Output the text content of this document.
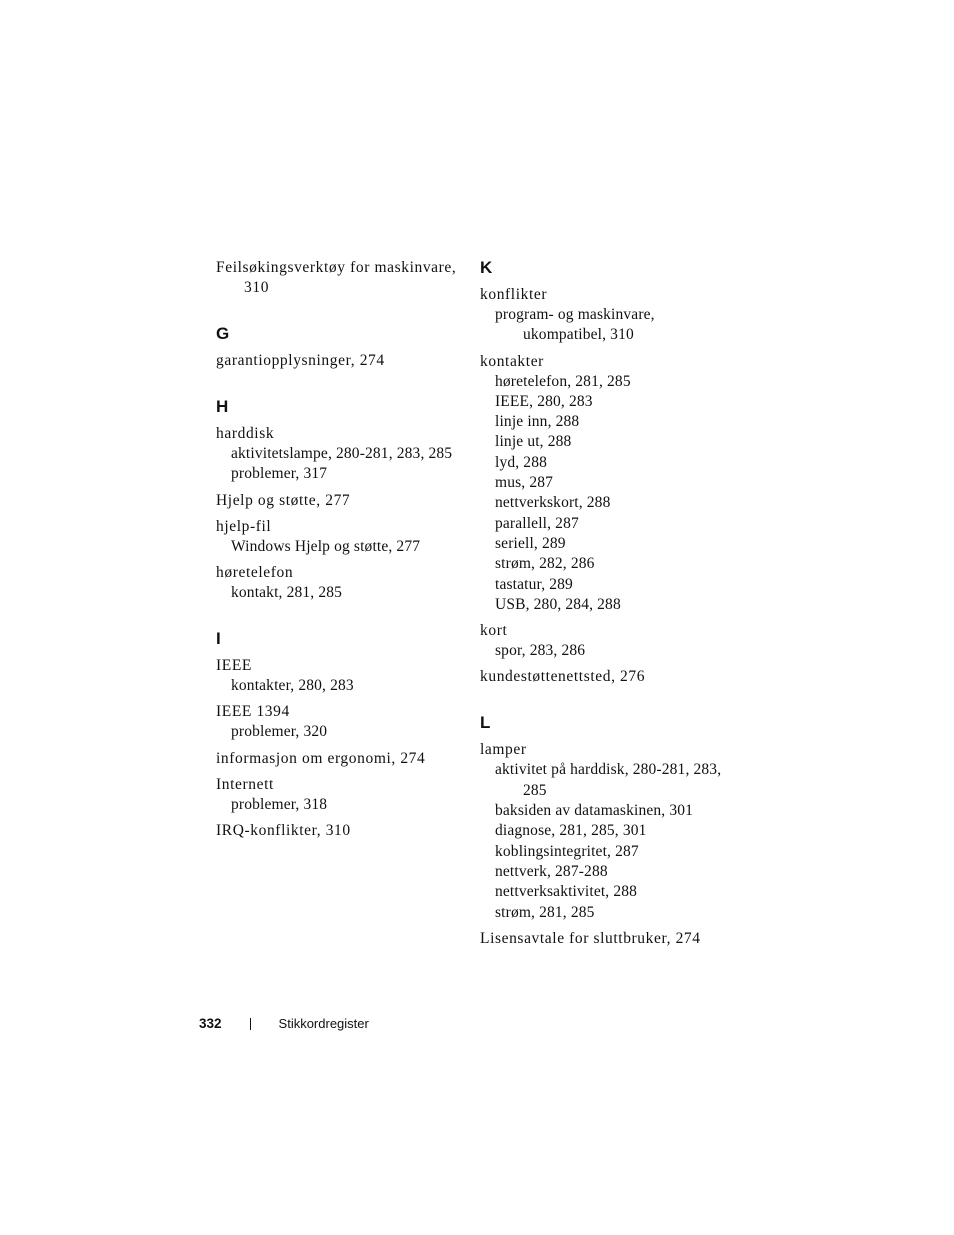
Feilsøkingsverktøy for maskinvare, 310
G
garantiopplysninger, 274
H
harddisk
aktivitetslampe, 280-281, 283, 285
problemer, 317
Hjelp og støtte, 277
hjelp-fil
Windows Hjelp og støtte, 277
høretelefon
kontakt, 281, 285
I
IEEE
kontakter, 280, 283
IEEE 1394
problemer, 320
informasjon om ergonomi, 274
Internett
problemer, 318
IRQ-konflikter, 310
K
konflikter
program- og maskinvare, ukompatibel, 310
kontakter
høretelefon, 281, 285
IEEE, 280, 283
linje inn, 288
linje ut, 288
lyd, 288
mus, 287
nettverkskort, 288
parallell, 287
seriell, 289
strøm, 282, 286
tastatur, 289
USB, 280, 284, 288
kort
spor, 283, 286
kundestøttenettsted, 276
L
lamper
aktivitet på harddisk, 280-281, 283, 285
baksiden av datamaskinen, 301
diagnose, 281, 285, 301
koblingsintegritet, 287
nettverk, 287-288
nettverksaktivitet, 288
strøm, 281, 285
Lisensavtale for sluttbruker, 274
332	Stikkordregister
